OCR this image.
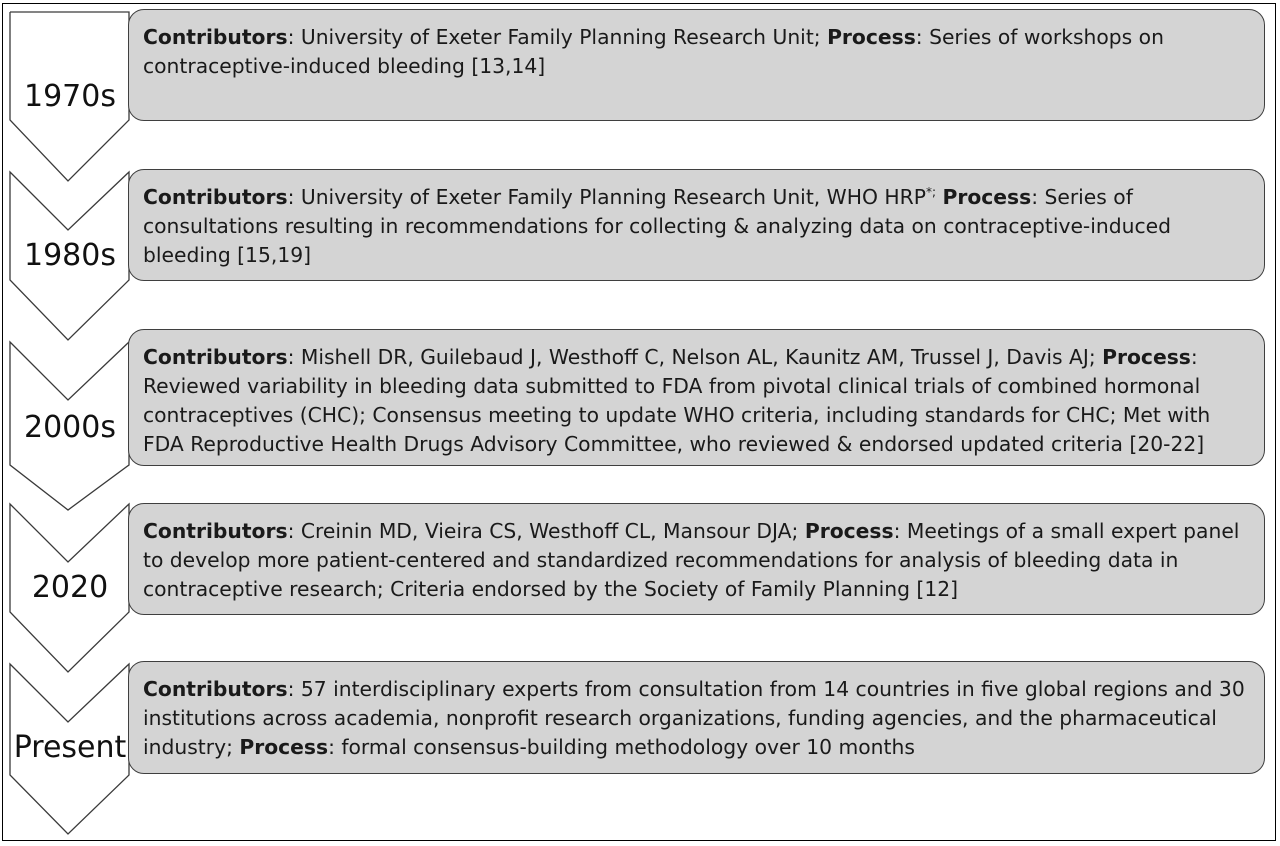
1970s
1980s
2000s
2020
Present
Contributors: University of Exeter Family Planning Research Unit; Process: Series of workshops on
contraceptive-induced bleeding [13,14]
Contributors: University of Exeter Family Planning Research Unit, WHO HRP*; Process: Series of
consultations resulting in recommendations for collecting & analyzing data on contraceptive-induced
bleeding [15,19]
Contributors: Mishell DR, Guilebaud J, Westhoff C, Nelson AL, Kaunitz AM, Trussel J, Davis AJ; Process:
Reviewed variability in bleeding data submitted to FDA from pivotal clinical trials of combined hormonal
contraceptives (CHC); Consensus meeting to update WHO criteria, including standards for CHC; Met with
FDA Reproductive Health Drugs Advisory Committee, who reviewed & endorsed updated criteria [20-22]
Contributors: Creinin MD, Vieira CS, Westhoff CL, Mansour DJA; Process: Meetings of a small expert panel
to develop more patient-centered and standardized recommendations for analysis of bleeding data in
contraceptive research; Criteria endorsed by the Society of Family Planning [12]
Contributors: 57 interdisciplinary experts from consultation from 14 countries in five global regions and 30
institutions across academia, nonprofit research organizations, funding agencies, and the pharmaceutical
industry; Process: formal consensus-building methodology over 10 months
